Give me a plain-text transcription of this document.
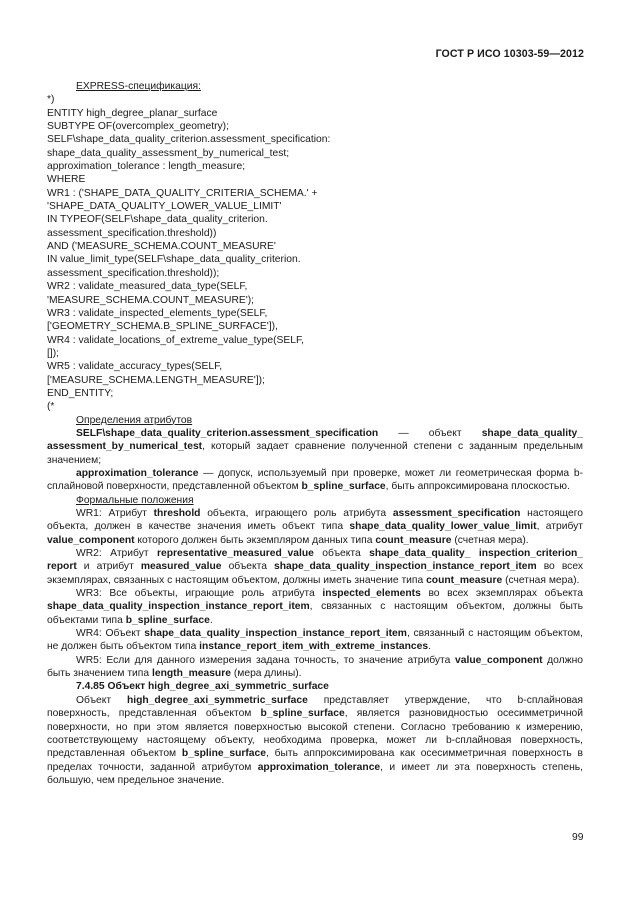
ГОСТ Р ИСО 10303-59—2012

EXPRESS-спецификация:

*)
ENTITY high_degree_planar_surface
SUBTYPE OF(overcomplex_geometry);
SELF\shape_data_quality_criterion.assessment_specification:
shape_data_quality_assessment_by_numerical_test;
approximation_tolerance : length_measure;
WHERE
WR1 : ('SHAPE_DATA_QUALITY_CRITERIA_SCHEMA.' +
'SHAPE_DATA_QUALITY_LOWER_VALUE_LIMIT'
IN TYPEOF(SELF\shape_data_quality_criterion.
assessment_specification.threshold))
AND ('MEASURE_SCHEMA.COUNT_MEASURE'
IN value_limit_type(SELF\shape_data_quality_criterion.
assessment_specification.threshold));
WR2 : validate_measured_data_type(SELF,
'MEASURE_SCHEMA.COUNT_MEASURE');
WR3 : validate_inspected_elements_type(SELF,
['GEOMETRY_SCHEMA.B_SPLINE_SURFACE']),
WR4 : validate_locations_of_extreme_value_type(SELF,
[]);
WR5 : validate_accuracy_types(SELF,
['MEASURE_SCHEMA.LENGTH_MEASURE']);
END_ENTITY;
(*

Определения атрибутов

SELF\shape_data_quality_criterion.assessment_specification — объект shape_data_quality_ assessment_by_numerical_test, который задает сравнение полученной степени с заданным предельным значением;

approximation_tolerance — допуск, используемый при проверке, может ли геометрическая форма b-сплайновой поверхности, представленной объектом b_spline_surface, быть аппроксимирована плоскостью.

Формальные положения

WR1: Атрибут threshold объекта, играющего роль атрибута assessment_specification настоящего объекта, должен в качестве значения иметь объект типа shape_data_quality_lower_value_limit, атрибут value_component которого должен быть экземпляром данных типа count_measure (счетная мера).

WR2: Атрибут representative_measured_value объекта shape_data_quality_ inspection_criterion_ report и атрибут measured_value объекта shape_data_quality_inspection_instance_report_item во всех экземплярах, связанных с настоящим объектом, должны иметь значение типа count_measure (счетная мера).

WR3: Все объекты, играющие роль атрибута inspected_elements во всех экземплярах объекта shape_data_quality_inspection_instance_report_item, связанных с настоящим объектом, должны быть объектами типа b_spline_surface.

WR4: Объект shape_data_quality_inspection_instance_report_item, связанный с настоящим объектом, не должен быть объектом типа instance_report_item_with_extreme_instances.

WR5: Если для данного измерения задана точность, то значение атрибута value_component должно быть значением типа length_measure (мера длины).

7.4.85 Объект high_degree_axi_symmetric_surface

Объект high_degree_axi_symmetric_surface представляет утверждение, что b-сплайновая поверхность, представленная объектом b_spline_surface, является разновидностью осесимметричной поверхности, но при этом является поверхностью высокой степени. Согласно требованию к измерению, соответствующему настоящему объекту, необходима проверка, может ли b-сплайновая поверхность, представленная объектом b_spline_surface, быть аппроксимирована как осесимметричная поверхность в пределах точности, заданной атрибутом approximation_tolerance, и имеет ли эта поверхность степень, большую, чем предельное значение.

99
